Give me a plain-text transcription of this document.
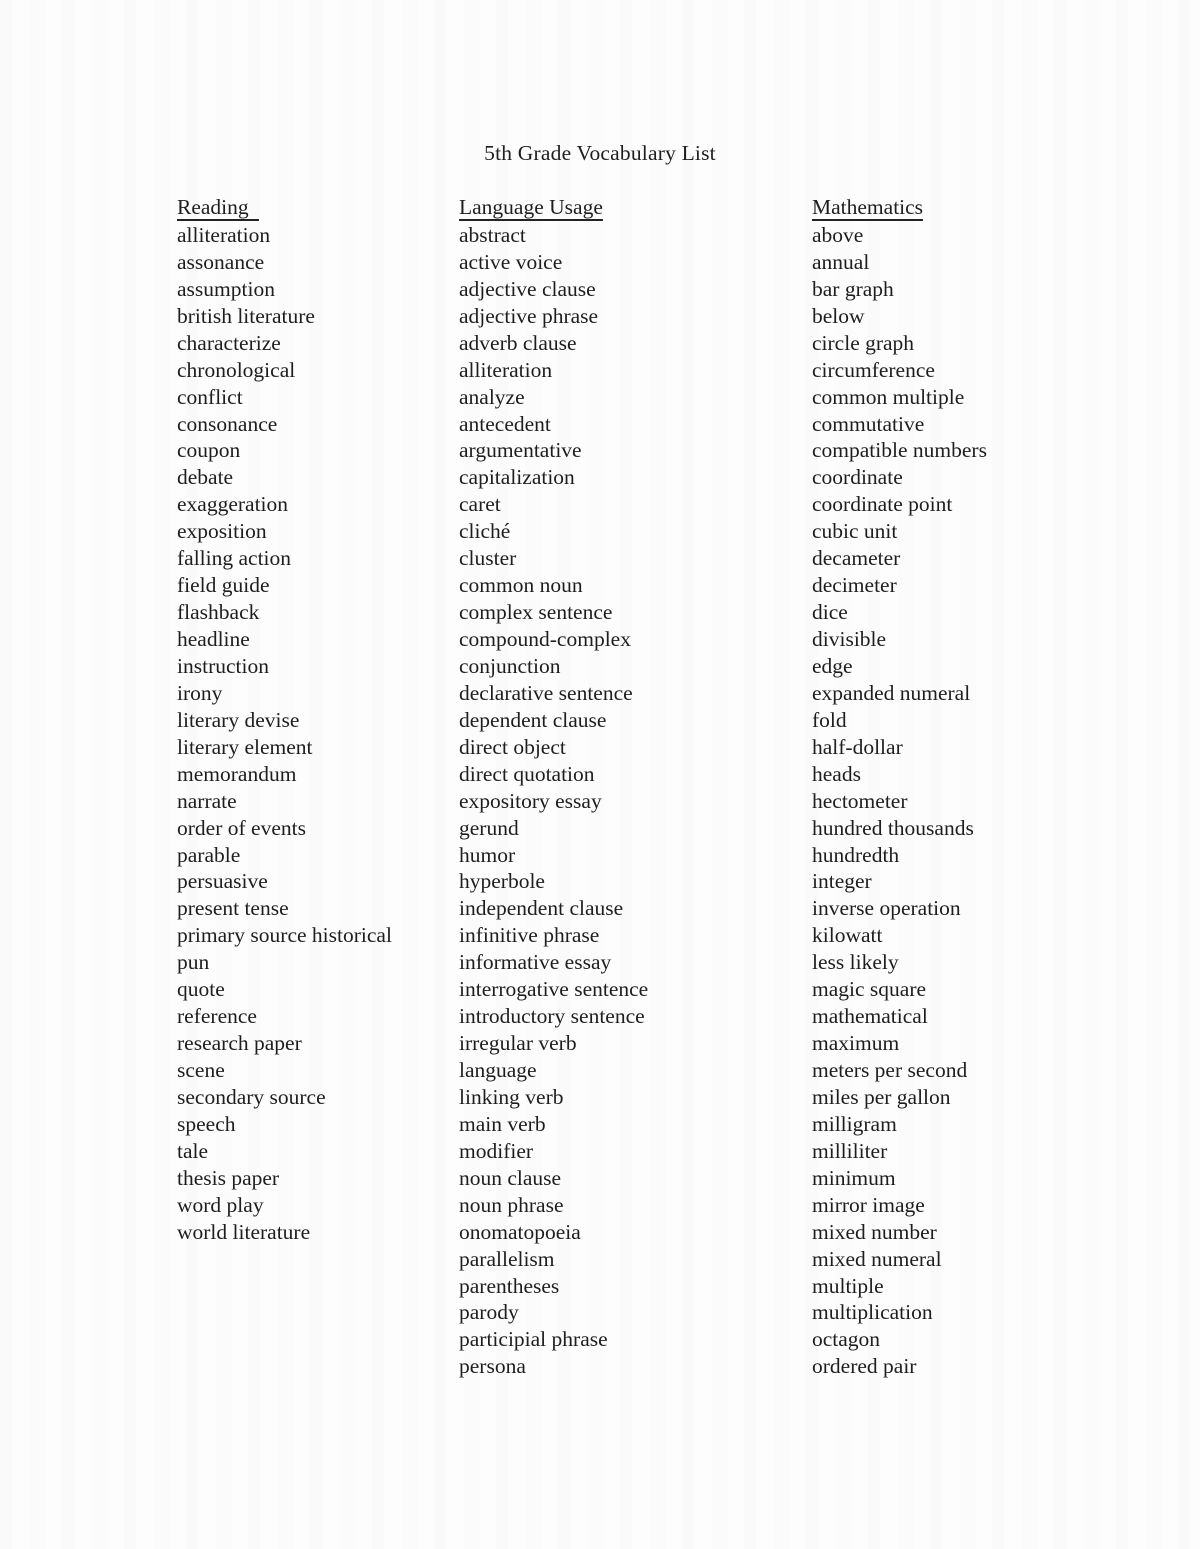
5th Grade Vocabulary List
Reading
alliteration
assonance
assumption
british literature
characterize
chronological
conflict
consonance
coupon
debate
exaggeration
exposition
falling action
field guide
flashback
headline
instruction
irony
literary devise
literary element
memorandum
narrate
order of events
parable
persuasive
present tense
primary source historical
pun
quote
reference
research paper
scene
secondary source
speech
tale
thesis paper
word play
world literature
Language Usage
abstract
active voice
adjective clause
adjective phrase
adverb clause
alliteration
analyze
antecedent
argumentative
capitalization
caret
cliché
cluster
common noun
complex sentence
compound-complex
conjunction
declarative sentence
dependent clause
direct object
direct quotation
expository essay
gerund
humor
hyperbole
independent clause
infinitive phrase
informative essay
interrogative sentence
introductory sentence
irregular verb
language
linking verb
main verb
modifier
noun clause
noun phrase
onomatopoeia
parallelism
parentheses
parody
participial phrase
persona
Mathematics
above
annual
bar graph
below
circle graph
circumference
common multiple
commutative
compatible numbers
coordinate
coordinate point
cubic unit
decameter
decimeter
dice
divisible
edge
expanded numeral
fold
half-dollar
heads
hectometer
hundred thousands
hundredth
integer
inverse operation
kilowatt
less likely
magic square
mathematical
maximum
meters per second
miles per gallon
milligram
milliliter
minimum
mirror image
mixed number
mixed numeral
multiple
multiplication
octagon
ordered pair
